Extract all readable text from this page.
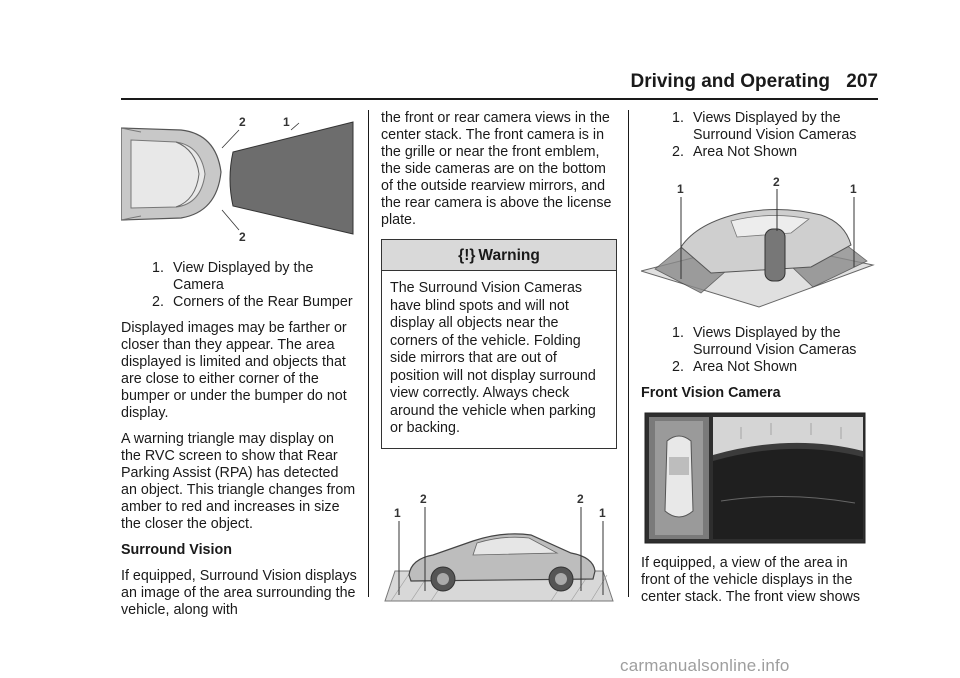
Driving and Operating 207
2	1
2
1. View Displayed by the Camera
2. Corners of the Rear Bumper

Displayed images may be farther or closer than they appear. The area displayed is limited and objects that are close to either corner of the bumper or under the bumper do not display.

A warning triangle may display on the RVC screen to show that Rear Parking Assist (RPA) has detected an object. This triangle changes from amber to red and increases in size the closer the object.

Surround Vision

If equipped, Surround Vision displays an image of the area surrounding the vehicle, along with

the front or rear camera views in the center stack. The front camera is in the grille or near the front emblem, the side cameras are on the bottom of the outside rearview mirrors, and the rear camera is above the license plate.

{!} Warning
The Surround Vision Cameras have blind spots and will not display all objects near the corners of the vehicle. Folding side mirrors that are out of position will not display surround view correctly. Always check around the vehicle when parking or backing.
1
2	2
1
1. Views Displayed by the Surround Vision Cameras
2. Area Not Shown
1	2	1
1. Views Displayed by the Surround Vision Cameras
2. Area Not Shown
Front Vision Camera

If equipped, a view of the area in front of the vehicle displays in the center stack. The front view shows

carmanualsonline.info
